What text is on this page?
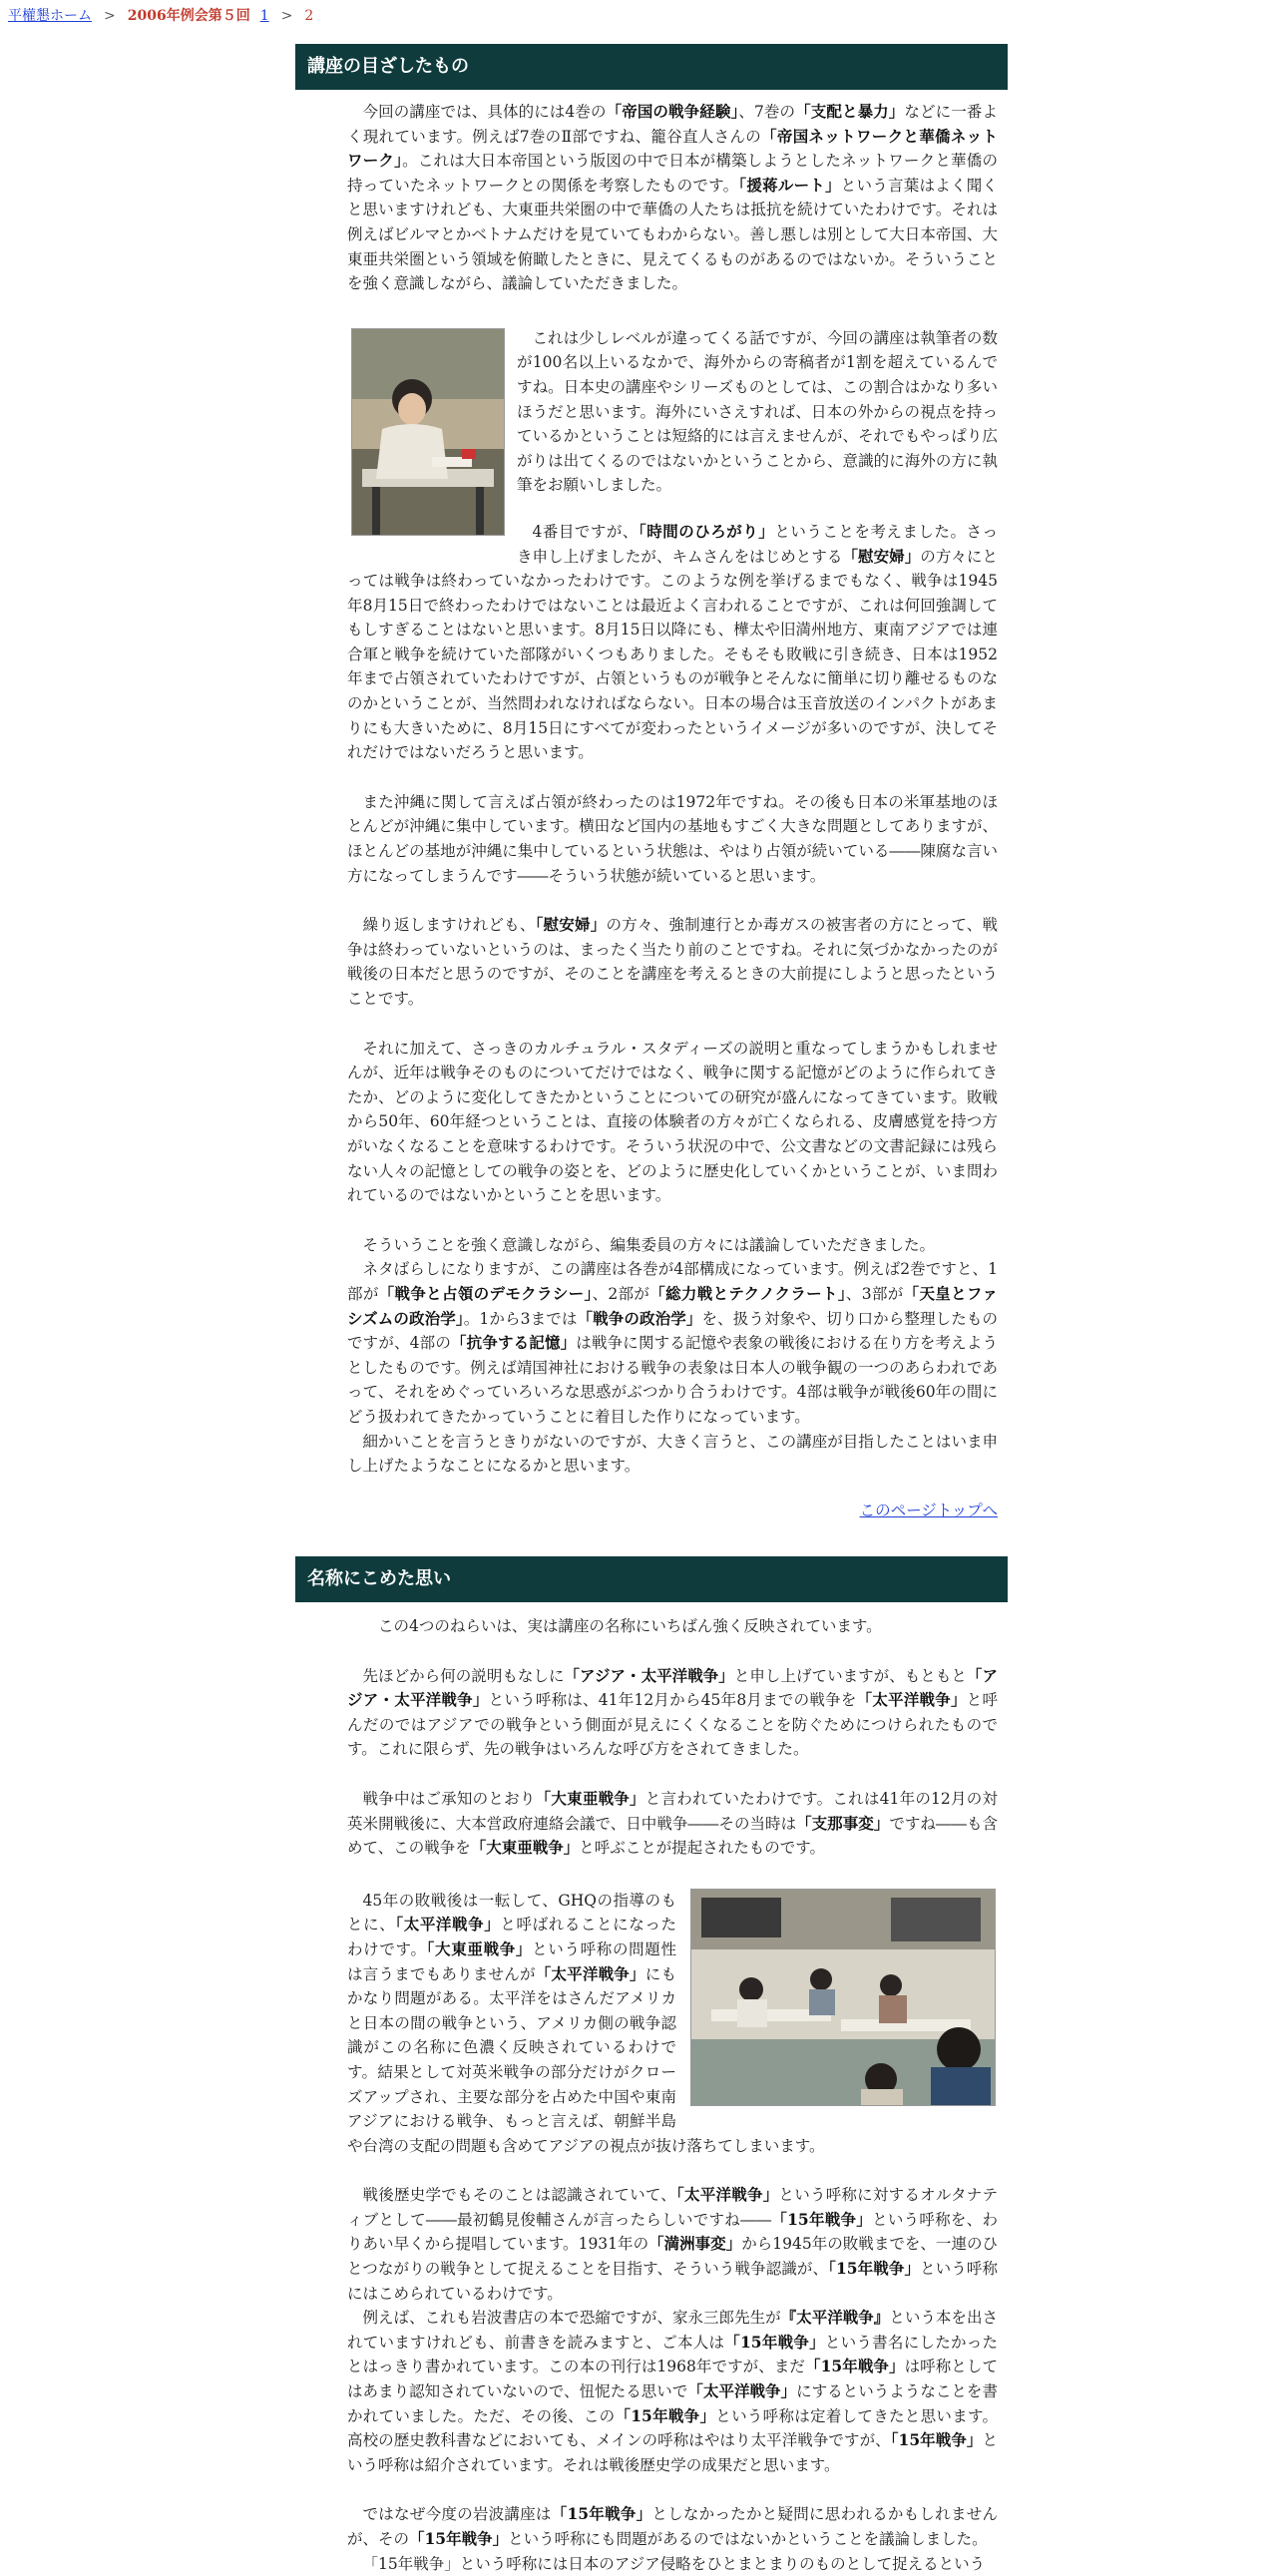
平權懇ホーム > 2006年例会第５回 1 > 2
講座の目ざしたもの

今回の講座では、具体的には4巻の「帝国の戦争経験」、7巻の「支配と暴力」などに一番よく現れています。例えば7巻のⅡ部ですね、籠谷直人さんの「帝国ネットワークと華僑ネットワーク」。これは大日本帝国という版図の中で日本が構築しようとしたネットワークと華僑の持っていたネットワークとの関係を考察したものです。「援蒋ルート」という言葉はよく聞くと思いますけれども、大東亜共栄圏の中で華僑の人たちは抵抗を続けていたわけです。それは例えばビルマとかベトナムだけを見ていてもわからない。善し悪しは別として大日本帝国、大東亜共栄圏という領域を俯瞰したときに、見えてくるものがあるのではないか。そういうことを強く意識しながら、議論していただきました。

これは少しレベルが違ってくる話ですが、今回の講座は執筆者の数が100名以上いるなかで、海外からの寄稿者が1割を超えているんですね。日本史の講座やシリーズものとしては、この割合はかなり多いほうだと思います。海外にいさえすれば、日本の外からの視点を持っているかということは短絡的には言えませんが、それでもやっぱり広がりは出てくるのではないかということから、意識的に海外の方に執筆をお願いしました。

4番目ですが、「時間のひろがり」ということを考えました。さっき申し上げましたが、キムさんをはじめとする「慰安婦」の方々にとっては戦争は終わっていなかったわけです。このような例を挙げるまでもなく、戦争は1945年8月15日で終わったわけではないことは最近よく言われることですが、これは何回強調してもしすぎることはないと思います。8月15日以降にも、樺太や旧満州地方、東南アジアでは連合軍と戦争を続けていた部隊がいくつもありました。そもそも敗戦に引き続き、日本は1952年まで占領されていたわけですが、占領というものが戦争とそんなに簡単に切り離せるものなのかということが、当然問われなければならない。日本の場合は玉音放送のインパクトがあまりにも大きいために、8月15日にすべてが変わったというイメージが多いのですが、決してそれだけではないだろうと思います。

また沖縄に関して言えば占領が終わったのは1972年ですね。その後も日本の米軍基地のほとんどが沖縄に集中しています。横田など国内の基地もすごく大きな問題としてありますが、ほとんどの基地が沖縄に集中しているという状態は、やはり占領が続いている――陳腐な言い方になってしまうんです――そういう状態が続いていると思います。

繰り返しますけれども、「慰安婦」の方々、強制連行とか毒ガスの被害者の方にとって、戦争は終わっていないというのは、まったく当たり前のことですね。それに気づかなかったのが戦後の日本だと思うのですが、そのことを講座を考えるときの大前提にしようと思ったということです。

それに加えて、さっきのカルチュラル・スタディーズの説明と重なってしまうかもしれませんが、近年は戦争そのものについてだけではなく、戦争に関する記憶がどのように作られてきたか、どのように変化してきたかということについての研究が盛んになってきています。敗戦から50年、60年経つということは、直接の体験者の方々が亡くなられる、皮膚感覚を持つ方がいなくなることを意味するわけです。そういう状況の中で、公文書などの文書記録には残らない人々の記憶としての戦争の姿とを、どのように歴史化していくかということが、いま問われているのではないかということを思います。

そういうことを強く意識しながら、編集委員の方々には議論していただきました。

ネタばらしになりますが、この講座は各巻が4部構成になっています。例えば2巻ですと、1部が「戦争と占領のデモクラシー」、2部が「総力戦とテクノクラート」、3部が「天皇とファシズムの政治学」。1から3までは「戦争の政治学」を、扱う対象や、切り口から整理したものですが、4部の「抗争する記憶」は戦争に関する記憶や表象の戦後における在り方を考えようとしたものです。例えば靖国神社における戦争の表象は日本人の戦争観の一つのあらわれであって、それをめぐっていろいろな思惑がぶつかり合うわけです。4部は戦争が戦後60年の間にどう扱われてきたかっていうことに着目した作りになっています。

細かいことを言うときりがないのですが、大きく言うと、この講座が目指したことはいま申し上げたようなことになるかと思います。

このページトップへ
名称にこめた思い

この4つのねらいは、実は講座の名称にいちばん強く反映されています。

先ほどから何の説明もなしに「アジア・太平洋戦争」と申し上げていますが、もともと「アジア・太平洋戦争」という呼称は、41年12月から45年8月までの戦争を「太平洋戦争」と呼んだのではアジアでの戦争という側面が見えにくくなることを防ぐためにつけられたものです。これに限らず、先の戦争はいろんな呼び方をされてきました。

戦争中はご承知のとおり「大東亜戦争」と言われていたわけです。これは41年の12月の対英米開戦後に、大本営政府連絡会議で、日中戦争――その当時は「支那事変」ですね――も含めて、この戦争を「大東亜戦争」と呼ぶことが提起されたものです。

45年の敗戦後は一転して、GHQの指導のもとに、「太平洋戦争」と呼ばれることになったわけです。「大東亜戦争」という呼称の問題性は言うまでもありませんが「太平洋戦争」にもかなり問題がある。太平洋をはさんだアメリカと日本の間の戦争という、アメリカ側の戦争認識がこの名称に色濃く反映されているわけです。結果として対英米戦争の部分だけがクローズアップされ、主要な部分を占めた中国や東南アジアにおける戦争、もっと言えば、朝鮮半島や台湾の支配の問題も含めてアジアの視点が抜け落ちてしまいます。

戦後歴史学でもそのことは認識されていて、「太平洋戦争」という呼称に対するオルタナティブとして――最初鶴見俊輔さんが言ったらしいですね――「15年戦争」という呼称を、わりあい早くから提唱しています。1931年の「満洲事変」から1945年の敗戦までを、一連のひとつながりの戦争として捉えることを目指す、そういう戦争認識が、「15年戦争」という呼称にはこめられているわけです。

例えば、これも岩波書店の本で恐縮ですが、家永三郎先生が『太平洋戦争』という本を出されていますけれども、前書きを読みますと、ご本人は「15年戦争」という書名にしたかったとはっきり書かれています。この本の刊行は1968年ですが、まだ「15年戦争」は呼称としてはあまり認知されていないので、忸怩たる思いで「太平洋戦争」にするというようなことを書かれていました。ただ、その後、この「15年戦争」という呼称は定着してきたと思います。高校の歴史教科書などにおいても、メインの呼称はやはり太平洋戦争ですが、「15年戦争」という呼称は紹介されています。それは戦後歴史学の成果だと思います。

ではなぜ今度の岩波講座は「15年戦争」としなかったかと疑問に思われるかもしれませんが、その「15年戦争」という呼称にも問題があるのではないかということを議論しました。

「15年戦争」という呼称には日本のアジア侵略をひとまとまりのものとして捉えるという
